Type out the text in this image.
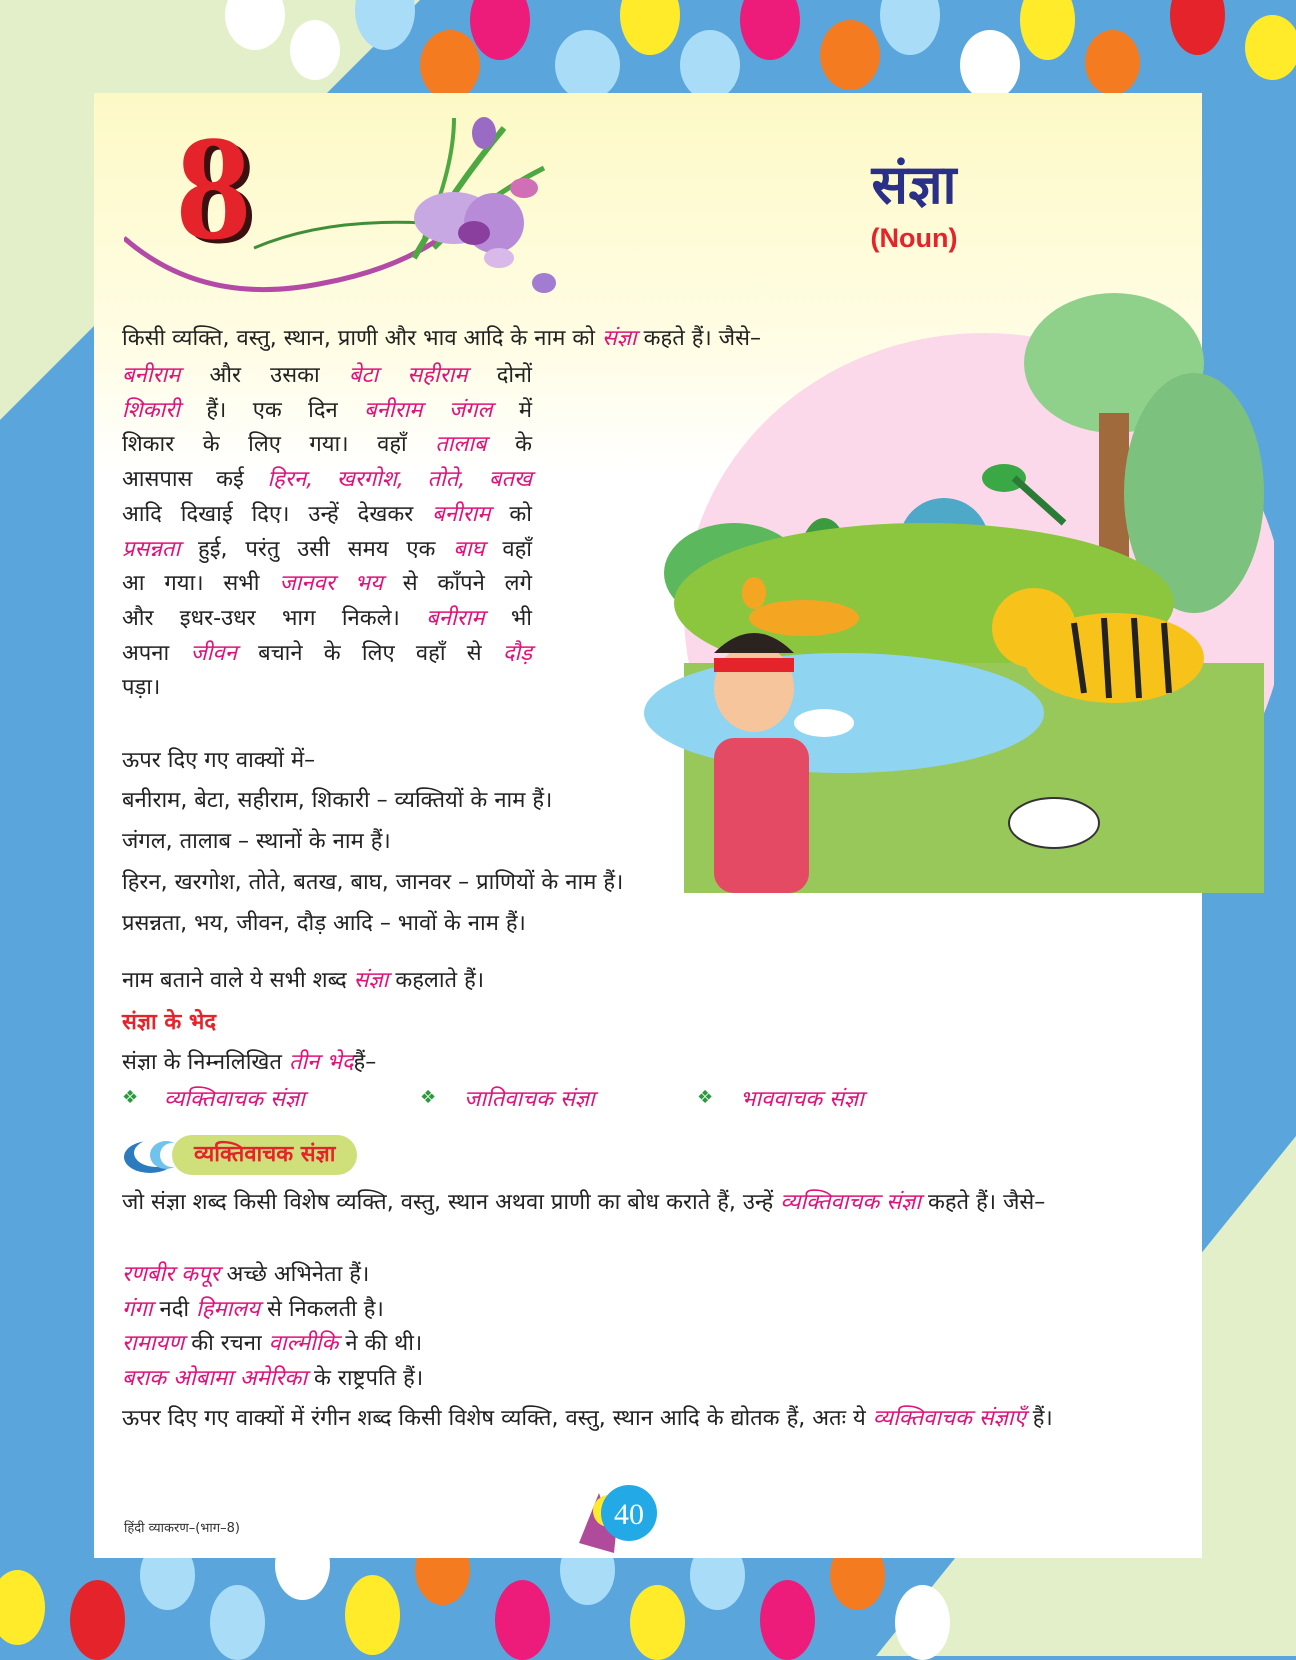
8	संज्ञा
(Noun)
किसी व्यक्ति, वस्तु, स्थान, प्राणी और भाव आदि के नाम को संज्ञा कहते हैं। जैसे–
बनीराम और उसका बेटा सहीराम दोनों
शिकारी हैं। एक दिन बनीराम जंगल में
शिकार के लिए गया। वहाँ तालाब के
आसपास कई हिरन, खरगोश, तोते, बतख
आदि दिखाई दिए। उन्हें देखकर बनीराम को
प्रसन्नता हुई, परंतु उसी समय एक बाघ वहाँ
आ गया। सभी जानवर भय से काँपने लगे
और इधर-उधर भाग निकले। बनीराम भी
अपना जीवन बचाने के लिए वहाँ से दौड़
पड़ा।
ऊपर दिए गए वाक्यों में–
बनीराम, बेटा, सहीराम, शिकारी – व्यक्तियों के नाम हैं।
जंगल, तालाब – स्थानों के नाम हैं।
हिरन, खरगोश, तोते, बतख, बाघ, जानवर – प्राणियों के नाम हैं।
प्रसन्नता, भय, जीवन, दौड़ आदि – भावों के नाम हैं।
नाम बताने वाले ये सभी शब्द संज्ञा कहलाते हैं।
संज्ञा के भेद
संज्ञा के निम्नलिखित तीन भेदहैं–
❖ व्यक्तिवाचक संज्ञा	❖ जातिवाचक संज्ञा	❖ भाववाचक संज्ञा
व्यक्तिवाचक संज्ञा
जो संज्ञा शब्द किसी विशेष व्यक्ति, वस्तु, स्थान अथवा प्राणी का बोध कराते हैं, उन्हें व्यक्तिवाचक संज्ञा कहते हैं। जैसे–
रणबीर कपूर अच्छे अभिनेता हैं।
गंगा नदी हिमालय से निकलती है।
रामायण की रचना वाल्मीकि ने की थी।
बराक ओबामा अमेरिका के राष्ट्रपति हैं।
ऊपर दिए गए वाक्यों में रंगीन शब्द किसी विशेष व्यक्ति, वस्तु, स्थान आदि के द्योतक हैं, अतः ये व्यक्तिवाचक संज्ञाएँ हैं।
हिंदी व्याकरण–(भाग–8)	40
